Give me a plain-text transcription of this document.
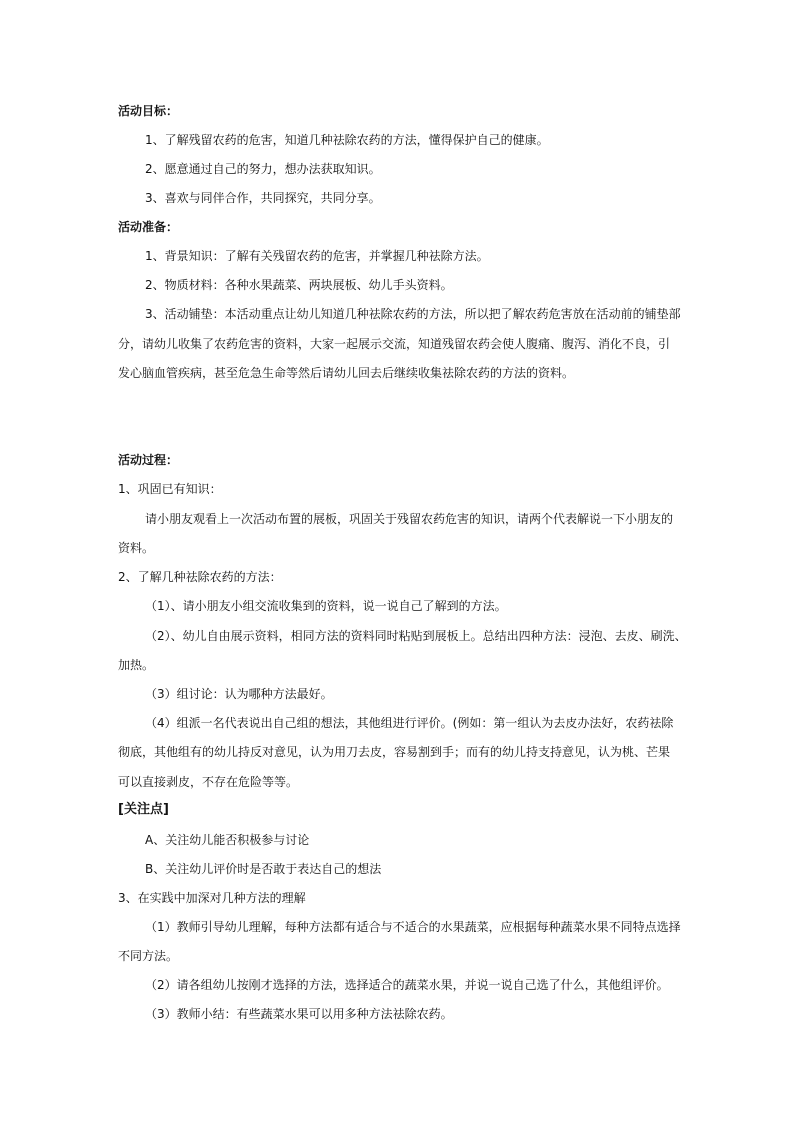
活动目标：
1、了解残留农药的危害，知道几种祛除农药的方法，懂得保护自己的健康。
2、愿意通过自己的努力，想办法获取知识。
3、喜欢与同伴合作，共同探究，共同分享。
活动准备：
1、背景知识：了解有关残留农药的危害，并掌握几种祛除方法。
2、物质材料：各种水果蔬菜、两块展板、幼儿手头资料。
3、活动铺垫：本活动重点让幼儿知道几种祛除农药的方法，所以把了解农药危害放在活动前的铺垫部
分，请幼儿收集了农药危害的资料，大家一起展示交流，知道残留农药会使人腹痛、腹泻、消化不良，引
发心脑血管疾病，甚至危急生命等然后请幼儿回去后继续收集祛除农药的方法的资料。
活动过程：
1、巩固已有知识：
请小朋友观看上一次活动布置的展板，巩固关于残留农药危害的知识，请两个代表解说一下小朋友的
资料。
2、了解几种祛除农药的方法：
（1）、请小朋友小组交流收集到的资料，说一说自己了解到的方法。
（2）、幼儿自由展示资料，相同方法的资料同时粘贴到展板上。总结出四种方法：浸泡、去皮、刷洗、
加热。
（3）组讨论：认为哪种方法最好。
（4）组派一名代表说出自己组的想法，其他组进行评价。(例如：第一组认为去皮办法好，农药祛除
彻底，其他组有的幼儿持反对意见，认为用刀去皮，容易割到手；而有的幼儿持支持意见，认为桃、芒果
可以直接剥皮，不存在危险等等。
[关注点]
A、关注幼儿能否积极参与讨论
B、关注幼儿评价时是否敢于表达自己的想法
3、在实践中加深对几种方法的理解
（1）教师引导幼儿理解，每种方法都有适合与不适合的水果蔬菜，应根据每种蔬菜水果不同特点选择
不同方法。
（2）请各组幼儿按刚才选择的方法，选择适合的蔬菜水果，并说一说自己选了什么，其他组评价。
（3）教师小结：有些蔬菜水果可以用多种方法祛除农药。
